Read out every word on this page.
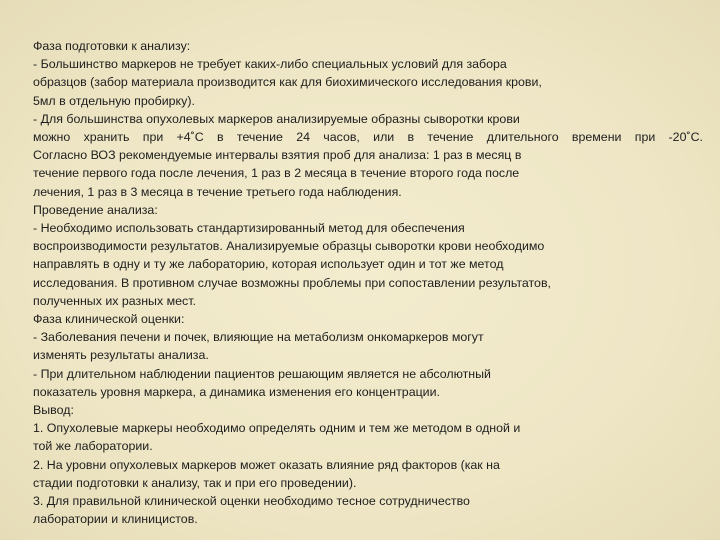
Фаза подготовки к анализу:
- Большинство маркеров не требует каких-либо специальных условий для забора
образцов (забор материала производится как для биохимического исследования крови,
5мл в отдельную пробирку).
- Для большинства опухолевых маркеров анализируемые образны сыворотки крови
можно хранить при +4˚С в течение 24 часов, или в течение длительного времени при -20˚С.
Согласно ВОЗ рекомендуемые интервалы взятия проб для анализа: 1 раз в месяц в
течение первого года после лечения, 1 раз в 2 месяца в течение второго года после
лечения, 1 раз в 3 месяца в течение третьего года наблюдения.
Проведение анализа:
- Необходимо использовать стандартизированный метод для обеспечения
воспроизводимости результатов. Анализируемые образцы сыворотки крови необходимо
направлять в одну и ту же лабораторию, которая использует один и тот же метод
исследования. В противном случае возможны проблемы при сопоставлении результатов,
полученных их разных мест.
Фаза клинической оценки:
- Заболевания печени и почек, влияющие на метаболизм онкомаркеров могут
изменять результаты анализа.
- При длительном наблюдении пациентов решающим является не абсолютный
показатель уровня маркера, а динамика изменения его концентрации.
Вывод:
1. Опухолевые маркеры необходимо определять одним и тем же методом в одной и
той же лаборатории.
2. На уровни опухолевых маркеров может оказать влияние ряд факторов (как на
стадии подготовки к анализу, так и при его проведении).
3. Для правильной клинической оценки необходимо тесное сотрудничество
лаборатории и клиницистов.
